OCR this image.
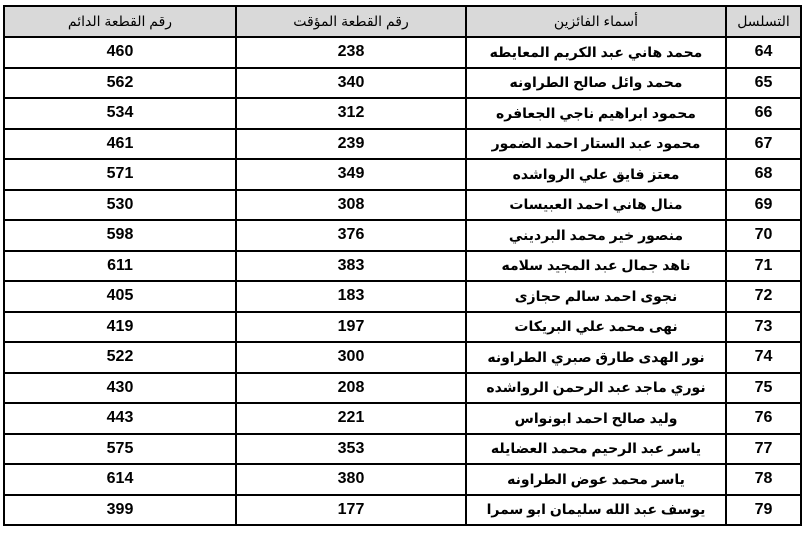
التسلسل	أسماء الفائزين	رقم القطعة المؤقت	رقم القطعة الدائم
64	محمد هاني عبد الكريم المعايطه	238	460
65	محمد وائل صالح الطراونه	340	562
66	محمود ابراهيم ناجي الجعافره	312	534
67	محمود عبد الستار احمد الضمور	239	461
68	معتز فايق علي الرواشده	349	571
69	منال هاني احمد العبيسات	308	530
70	منصور خير محمد البرديني	376	598
71	ناهد جمال عبد المجيد سلامه	383	611
72	نجوى احمد سالم حجازى	183	405
73	نهى محمد علي البريكات	197	419
74	نور الهدى طارق صبري الطراونه	300	522
75	نوري ماجد عبد الرحمن الرواشده	208	430
76	وليد صالح احمد ابونواس	221	443
77	ياسر عبد الرحيم محمد العضايله	353	575
78	ياسر محمد عوض الطراونه	380	614
79	يوسف عبد الله سليمان ابو سمرا	177	399
